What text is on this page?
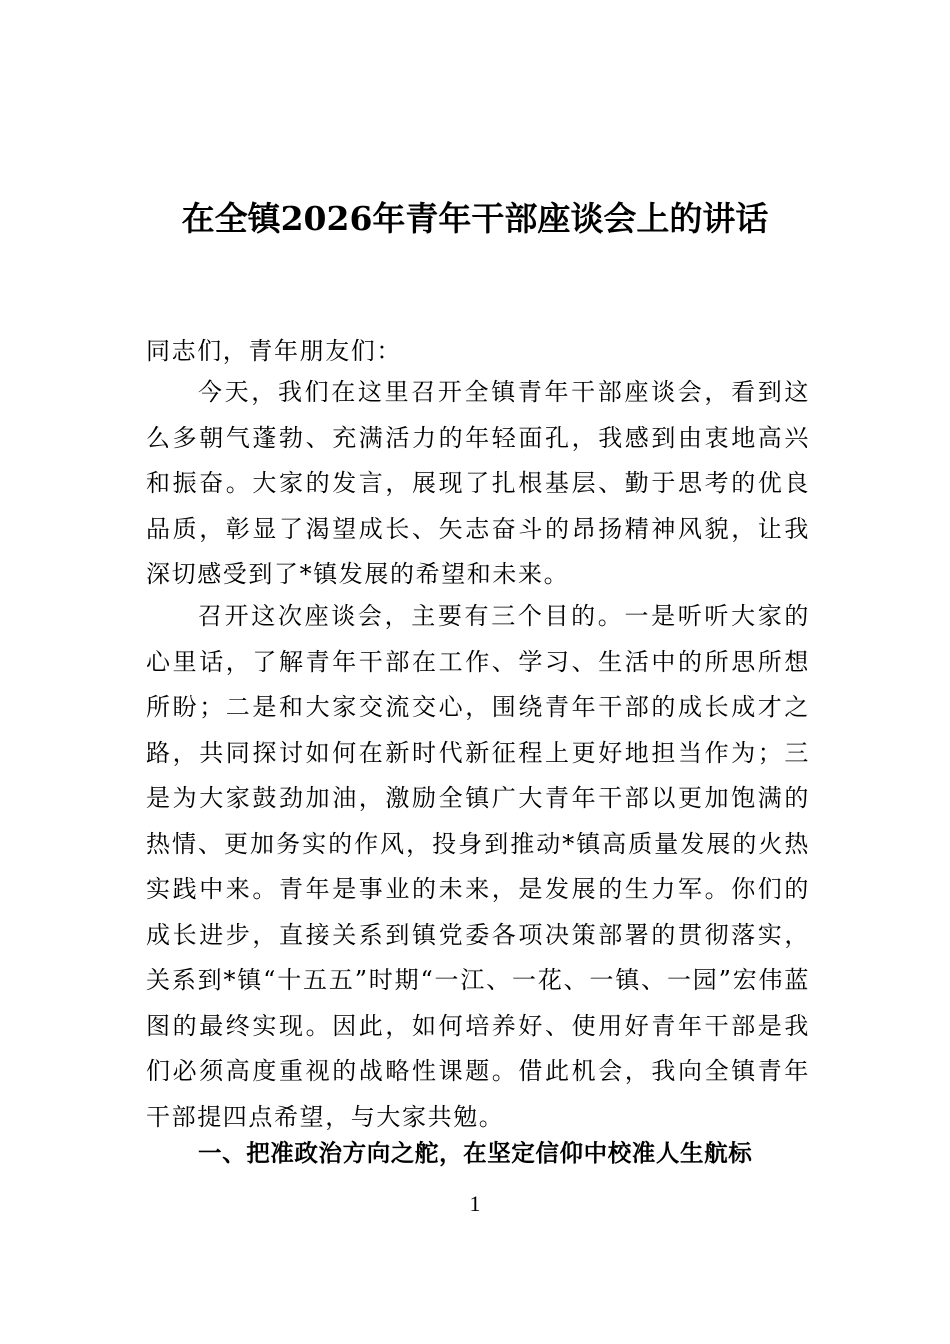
在全镇2026年青年干部座谈会上的讲话
同志们，青年朋友们：
今天，我们在这里召开全镇青年干部座谈会，看到这么多朝气蓬勃、充满活力的年轻面孔，我感到由衷地高兴和振奋。大家的发言，展现了扎根基层、勤于思考的优良品质，彰显了渴望成长、矢志奋斗的昂扬精神风貌，让我深切感受到了*镇发展的希望和未来。
召开这次座谈会，主要有三个目的。一是听听大家的心里话，了解青年干部在工作、学习、生活中的所思所想所盼；二是和大家交流交心，围绕青年干部的成长成才之路，共同探讨如何在新时代新征程上更好地担当作为；三是为大家鼓劲加油，激励全镇广大青年干部以更加饱满的热情、更加务实的作风，投身到推动*镇高质量发展的火热实践中来。青年是事业的未来，是发展的生力军。你们的成长进步，直接关系到镇党委各项决策部署的贯彻落实，关系到*镇“十五五”时期“一江、一花、一镇、一园”宏伟蓝图的最终实现。因此，如何培养好、使用好青年干部是我们必须高度重视的战略性课题。借此机会，我向全镇青年干部提四点希望，与大家共勉。
一、把准政治方向之舵，在坚定信仰中校准人生航标
1
